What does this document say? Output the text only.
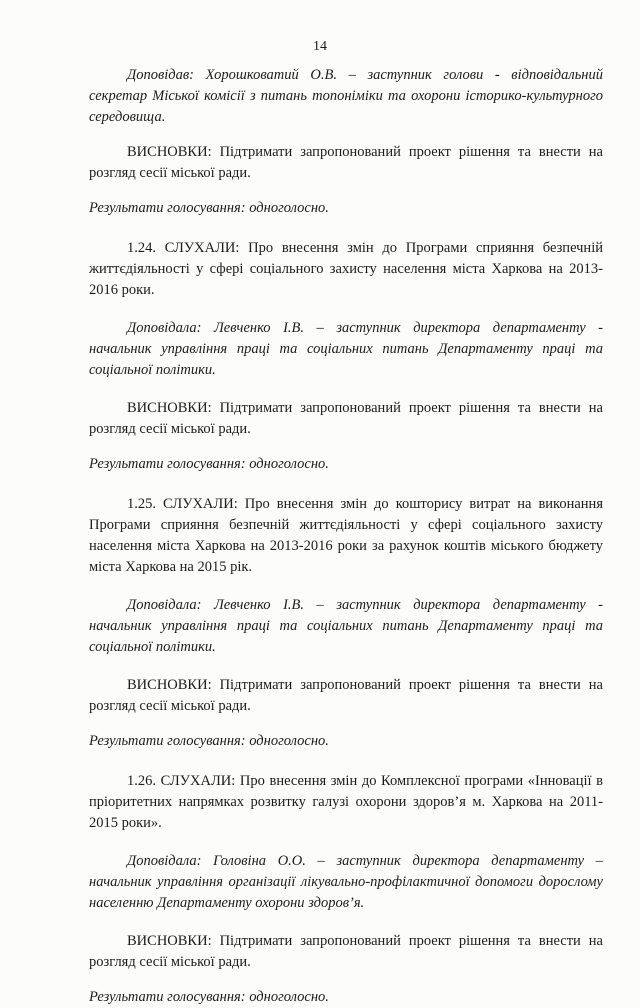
14

Доповідав: Хорошковатий О.В. – заступник голови - відповідальний секретар Міської комісії з питань топоніміки та охорони історико-культурного середовища.

ВИСНОВКИ: Підтримати запропонований проект рішення та внести на розгляд сесії міської ради.

Результати голосування: одноголосно.

1.24. СЛУХАЛИ: Про внесення змін до Програми сприяння безпечній життєдіяльності у сфері соціального захисту населення міста Харкова на 2013-2016 роки.

Доповідала: Левченко І.В. – заступник директора департаменту - начальник управління праці та соціальних питань Департаменту праці та соціальної політики.

ВИСНОВКИ: Підтримати запропонований проект рішення та внести на розгляд сесії міської ради.

Результати голосування: одноголосно.

1.25. СЛУХАЛИ: Про внесення змін до кошторису витрат на виконання Програми сприяння безпечній життєдіяльності у сфері соціального захисту населення міста Харкова на 2013-2016 роки за рахунок коштів міського бюджету міста Харкова на 2015 рік.

Доповідала: Левченко І.В. – заступник директора департаменту - начальник управління праці та соціальних питань Департаменту праці та соціальної політики.

ВИСНОВКИ: Підтримати запропонований проект рішення та внести на розгляд сесії міської ради.

Результати голосування: одноголосно.

1.26. СЛУХАЛИ: Про внесення змін до Комплексної програми «Інновації в пріоритетних напрямках розвитку галузі охорони здоров’я м. Харкова на 2011-2015 роки».

Доповідала: Головіна О.О. – заступник директора департаменту – начальник управління організації лікувально-профілактичної допомоги дорослому населенню Департаменту охорони здоров’я.

ВИСНОВКИ: Підтримати запропонований проект рішення та внести на розгляд сесії міської ради.

Результати голосування: одноголосно.
